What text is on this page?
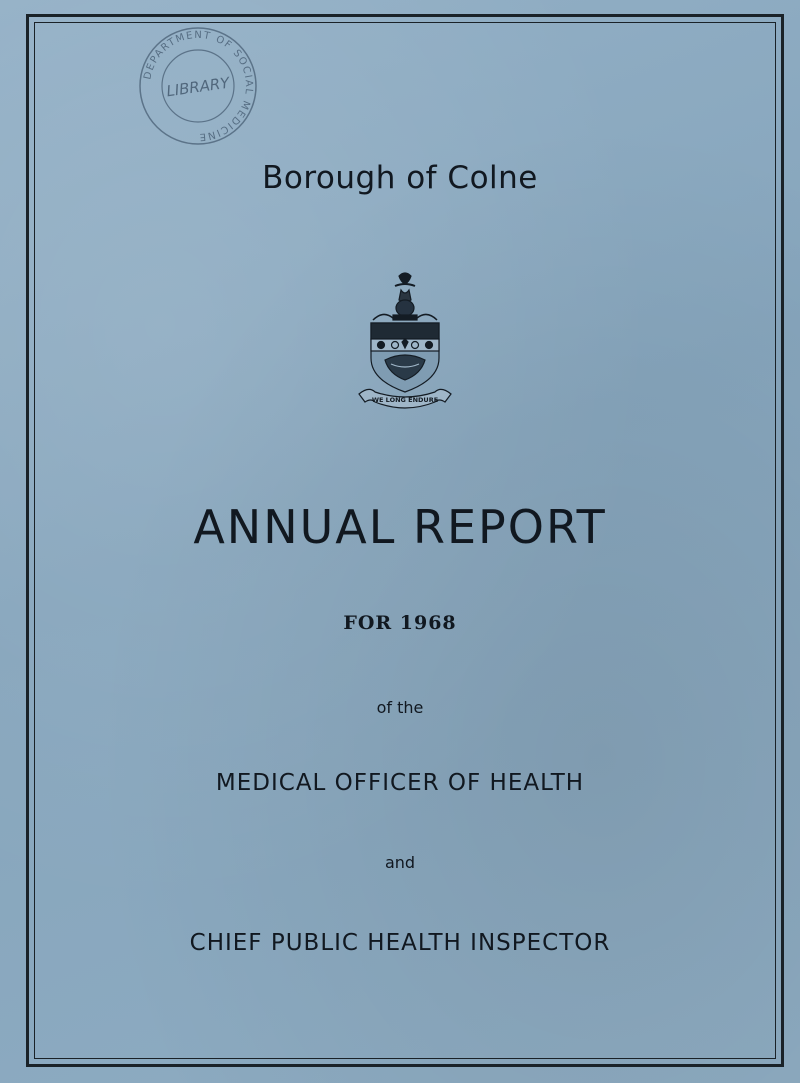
DEPARTMENT OF SOCIAL MEDICINE
LIBRARY
Borough of Colne
WE LONG ENDURE
ANNUAL REPORT
FOR 1968
of the
MEDICAL OFFICER OF HEALTH
and
CHIEF PUBLIC HEALTH INSPECTOR
